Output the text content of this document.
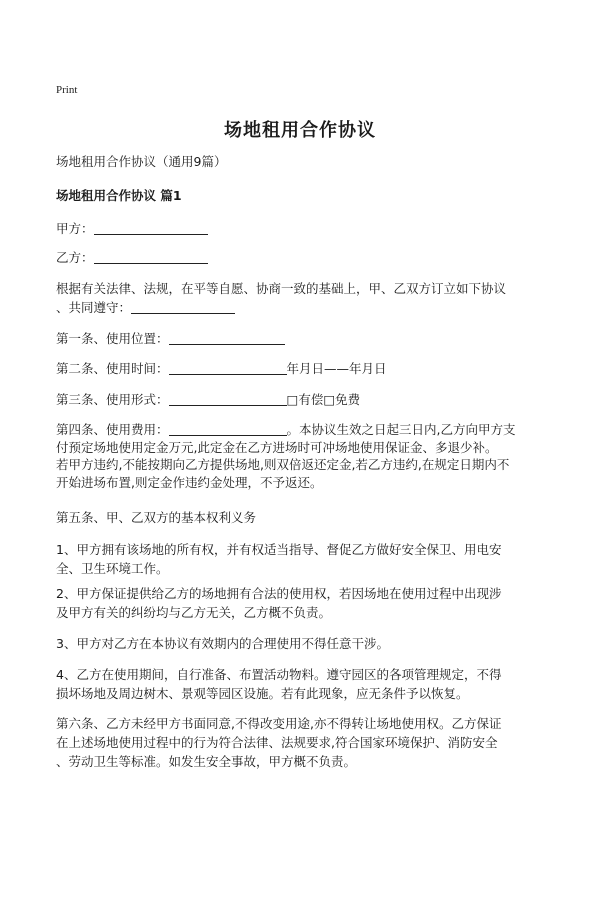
Print
场地租用合作协议
场地租用合作协议（通用9篇）
场地租用合作协议 篇1
甲方：
乙方：
根据有关法律、法规，在平等自愿、协商一致的基础上，甲、乙双方订立如下协议
、共同遵守：
第一条、使用位置：
第二条、使用时间：	年月日——年月日
第三条、使用形式：	□有偿□免费
第四条、使用费用：	。本协议生效之日起三日内,乙方向甲方支
付预定场地使用定金万元,此定金在乙方进场时可冲场地使用保证金、多退少补。
若甲方违约,不能按期向乙方提供场地,则双倍返还定金,若乙方违约,在规定日期内不
开始进场布置,则定金作违约金处理，不予返还。
第五条、甲、乙双方的基本权利义务
1、甲方拥有该场地的所有权，并有权适当指导、督促乙方做好安全保卫、用电安
全、卫生环境工作。
2、甲方保证提供给乙方的场地拥有合法的使用权，若因场地在使用过程中出现涉
及甲方有关的纠纷均与乙方无关，乙方概不负责。
3、甲方对乙方在本协议有效期内的合理使用不得任意干涉。
4、乙方在使用期间，自行准备、布置活动物料。遵守园区的各项管理规定，不得
损坏场地及周边树木、景观等园区设施。若有此现象，应无条件予以恢复。
第六条、乙方未经甲方书面同意,不得改变用途,亦不得转让场地使用权。乙方保证
在上述场地使用过程中的行为符合法律、法规要求,符合国家环境保护、消防安全
、劳动卫生等标准。如发生安全事故，甲方概不负责。
